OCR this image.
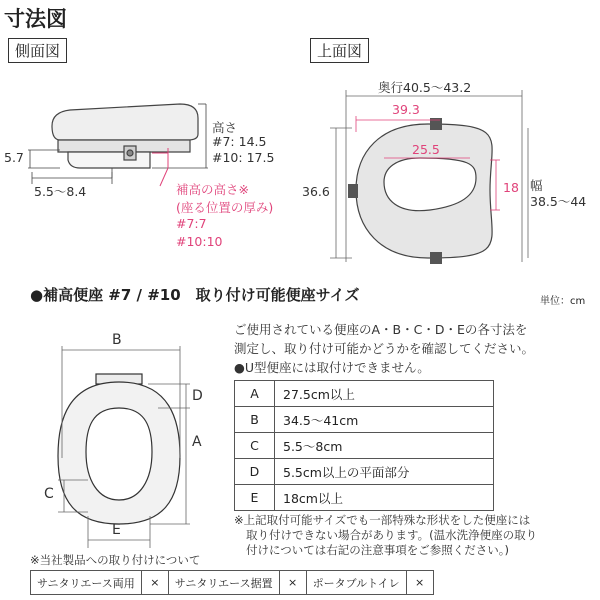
寸法図
側面図	上面図
5.7
5.5〜8.4
高さ
#7: 14.5
#10: 17.5
補高の高さ※
(座る位置の厚み)
#7:7
#10:10
奥行40.5〜43.2
39.3
25.5
36.6	18 幅
38.5〜44
●補高便座 #7 / #10　取り付け可能便座サイズ	単位：cm
B
D
A
C
E
ご使用されている便座のA・B・C・D・Eの各寸法を
測定し、取り付け可能かどうかを確認してください。
●U型便座には取付けできません。
A	27.5cm以上
B	34.5〜41cm
C	5.5〜8cm
D	5.5cm以上の平面部分
E	18cm以上
※上記取付可能サイズでも一部特殊な形状をした便座には
取り付けできない場合があります。(温水洗浄便座の取り
付けについては右記の注意事項をご参照ください。)
※当社製品への取り付けについて
サニタリエース両用	×	サニタリエース据置	×	ポータブルトイレ	×
